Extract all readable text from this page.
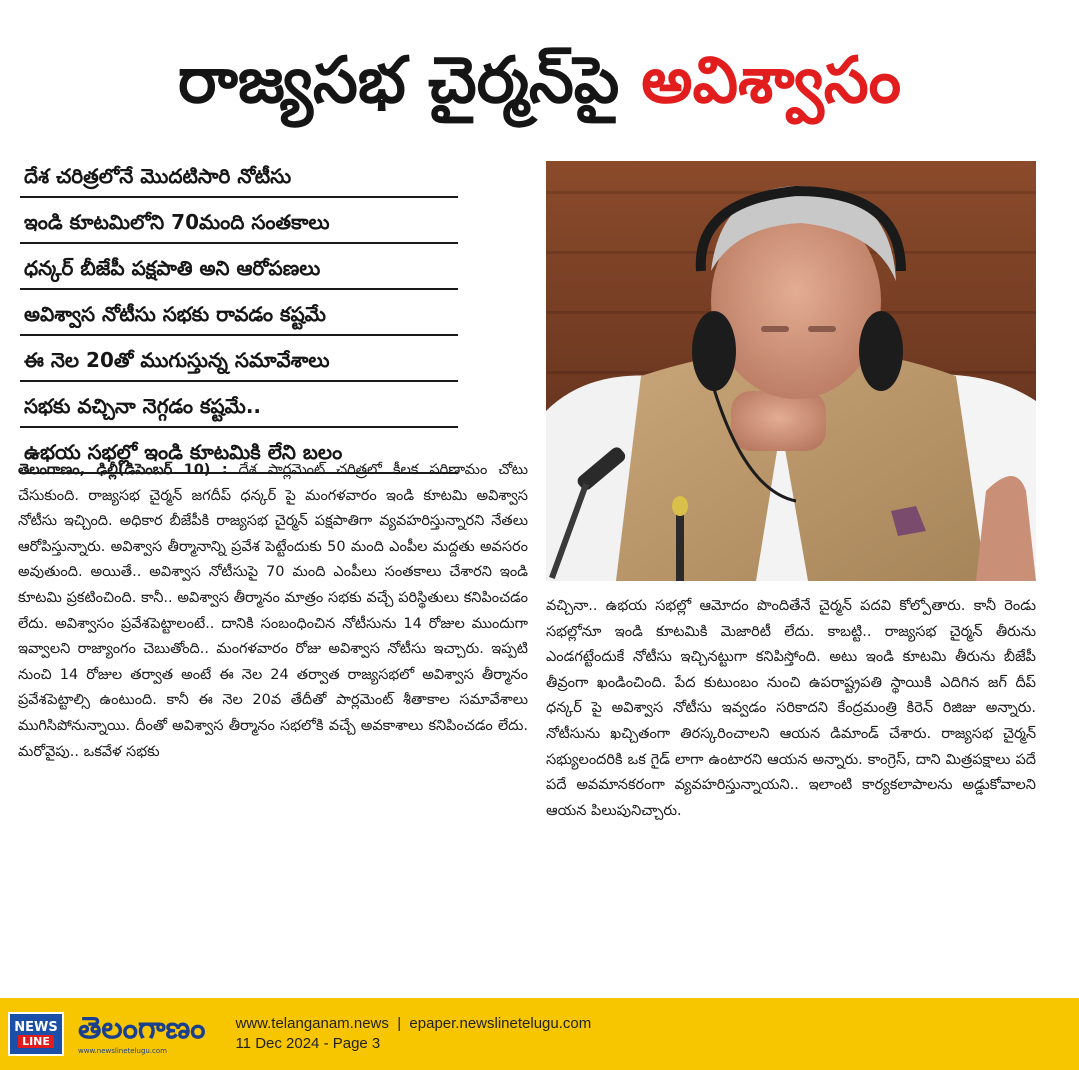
రాజ్యసభ చైర్మన్‌పై అవిశ్వాసం
దేశ చరిత్రలోనే మొదటిసారి నోటీసు
ఇండి కూటమిలోని 70మంది సంతకాలు
ధన్కర్ బీజేపీ పక్షపాతి అని ఆరోపణలు
అవిశ్వాస నోటీసు సభకు రావడం కష్టమే
ఈ నెల 20తో ముగుస్తున్న సమావేశాలు
సభకు వచ్చినా నెగ్గడం కష్టమే..
ఉభయ సభల్లో ఇండి కూటమికి లేని బలం
తెలంగాణం, ఢిల్లీ(డిసెంబర్ 10) : దేశ పార్లమెంట్ చరిత్రలో కీలక పరిణామం చోటు చేసుకుంది. రాజ్యసభ చైర్మన్ జగదీప్ ధన్కర్ పై మంగళవారం ఇండి కూటమి అవిశ్వాస నోటీసు ఇచ్చింది. అధికార బీజేపీకి రాజ్యసభ చైర్మన్ పక్షపాతిగా వ్యవహరిస్తున్నారని నేతలు ఆరోపిస్తున్నారు. అవిశ్వాస తీర్మానాన్ని ప్రవేశ పెట్టేందుకు 50 మంది ఎంపీల మద్దతు అవసరం అవుతుంది. అయితే.. అవిశ్వాస నోటీసుపై 70 మంది ఎంపీలు సంతకాలు చేశారని ఇండి కూటమి ప్రకటించింది. కానీ.. అవిశ్వాస తీర్మానం మాత్రం సభకు వచ్చే పరిస్థితులు కనిపించడం లేదు. అవిశ్వాసం ప్రవేశపెట్టాలంటే.. దానికి సంబంధించిన నోటీసును 14 రోజుల ముందుగా ఇవ్వాలని రాజ్యాంగం చెబుతోంది.. మంగళవారం రోజు అవిశ్వాస నోటీసు ఇచ్చారు. ఇప్పటి నుంచి 14 రోజుల తర్వాత అంటే ఈ నెల 24 తర్వాత రాజ్యసభలో అవిశ్వాస తీర్మానం ప్రవేశపెట్టాల్సి ఉంటుంది. కానీ ఈ నెల 20వ తేదీతో పార్లమెంట్ శీతాకాల సమావేశాలు ముగిసిపోనున్నాయి. దీంతో అవిశ్వాస తీర్మానం సభలోకి వచ్చే అవకాశాలు కనిపించడం లేదు. మరోవైపు.. ఒకవేళ సభకు
వచ్చినా.. ఉభయ సభల్లో ఆమోదం పొందితేనే చైర్మన్ పదవి కోల్పోతారు. కానీ రెండు సభల్లోనూ ఇండి కూటమికి మెజారిటీ లేదు. కాబట్టి.. రాజ్యసభ చైర్మన్ తీరును ఎండగట్టేందుకే నోటీసు ఇచ్చినట్టుగా కనిపిస్తోంది. అటు ఇండి కూటమి తీరును బీజేపీ తీవ్రంగా ఖండించింది. పేద కుటుంబం నుంచి ఉపరాష్ట్రపతి స్థాయికి ఎదిగిన జగ్ దీప్ ధన్కర్ పై అవిశ్వాస నోటీసు ఇవ్వడం సరికాదని కేంద్రమంత్రి కిరెన్ రిజిజు అన్నారు. నోటీసును ఖచ్చితంగా తిరస్కరించాలని ఆయన డిమాండ్ చేశారు. రాజ్యసభ చైర్మన్ సభ్యులందరికి ఒక గైడ్ లాగా ఉంటారని ఆయన అన్నారు. కాంగ్రెస్, దాని మిత్రపక్షాలు పదే పదే అవమానకరంగా వ్యవహరిస్తున్నాయని.. ఇలాంటి కార్యకలాపాలను అడ్డుకోవాలని ఆయన పిలుపునిచ్చారు.
NEWS
LINE తెలంగాణం
www.newslinetelugu.com
www.telanganam.news  |  epaper.newslinetelugu.com
11 Dec 2024 - Page 3
